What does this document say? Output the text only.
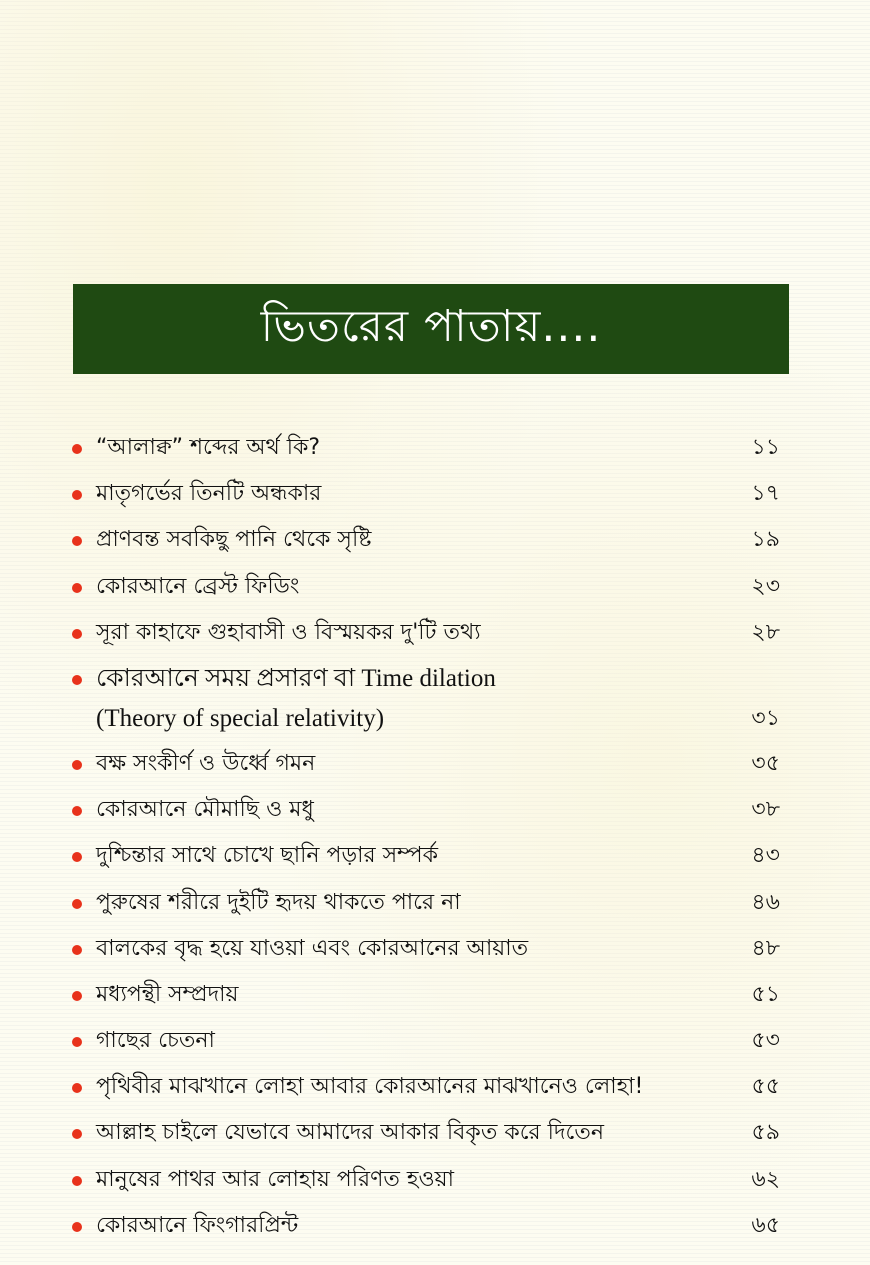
ভিতরের পাতায়....
“আলাক্ব” শব্দের অর্থ কি?	১১
মাতৃগর্ভের তিনটি অন্ধকার	১৭
প্রাণবন্ত সবকিছু পানি থেকে সৃষ্টি	১৯
কোরআনে ব্রেস্ট ফিডিং	২৩
সূরা কাহাফে গুহাবাসী ও বিস্ময়কর দু'টি তথ্য	২৮
কোরআনে সময় প্রসারণ বা Time dilation
(Theory of special relativity)	৩১
বক্ষ সংকীর্ণ ও উর্ধ্বে গমন	৩৫
কোরআনে মৌমাছি ও মধু	৩৮
দুশ্চিন্তার সাথে চোখে ছানি পড়ার সম্পর্ক	৪৩
পুরুষের শরীরে দুইটি হৃদয় থাকতে পারে না	৪৬
বালকের বৃদ্ধ হয়ে যাওয়া এবং কোরআনের আয়াত	৪৮
মধ্যপন্থী সম্প্রদায়	৫১
গাছের চেতনা	৫৩
পৃথিবীর মাঝখানে লোহা আবার কোরআনের মাঝখানেও লোহা!	৫৫
আল্লাহ চাইলে যেভাবে আমাদের আকার বিকৃত করে দিতেন	৫৯
মানুষের পাথর আর লোহায় পরিণত হওয়া	৬২
কোরআনে ফিংগারপ্রিন্ট	৬৫
